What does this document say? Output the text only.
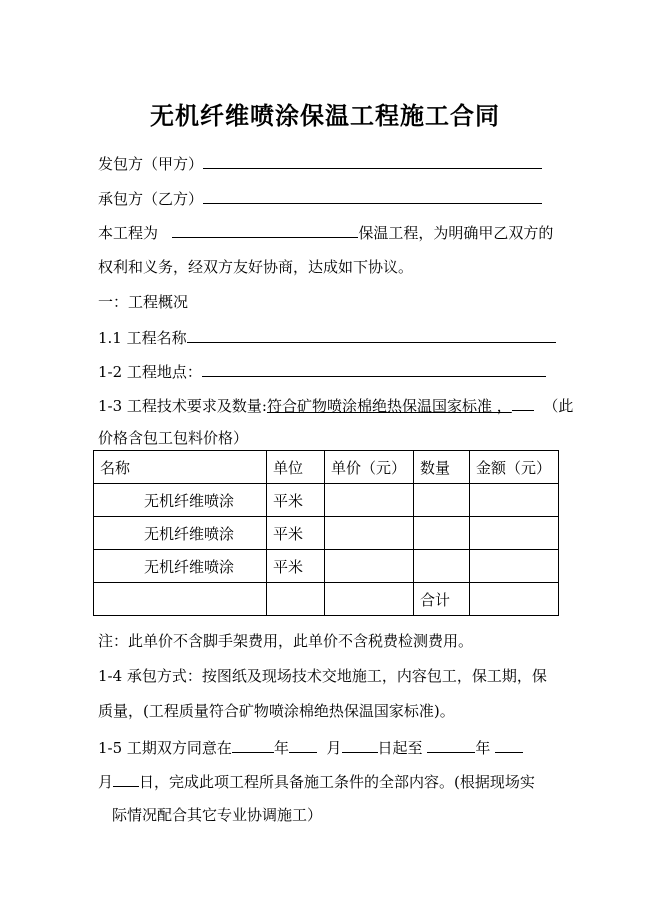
无机纤维喷涂保温工程施工合同
发包方（甲方）
承包方（乙方）
本工程为	保温工程，为明确甲乙双方的
权利和义务，经双方友好协商，达成如下协议。
一：工程概况
1.1 工程名称
1-2 工程地点：
1-3 工程技术要求及数量:符合矿物喷涂棉绝热保温国家标准 ， （此
价格含包工包料价格）
名称	单位	单价（元）	数量	金额（元）
无机纤维喷涂	平米			
无机纤维喷涂	平米			
无机纤维喷涂	平米			
			合计	
注：此单价不含脚手架费用，此单价不含税费检测费用。
1-4 承包方式：按图纸及现场技术交地施工，内容包工，保工期，保
质量，(工程质量符合矿物喷涂棉绝热保温国家标准)。
1-5 工期双方同意在	年	月 日起至	年
月 日，完成此项工程所具备施工条件的全部内容。(根据现场实
际情况配合其它专业协调施工）
